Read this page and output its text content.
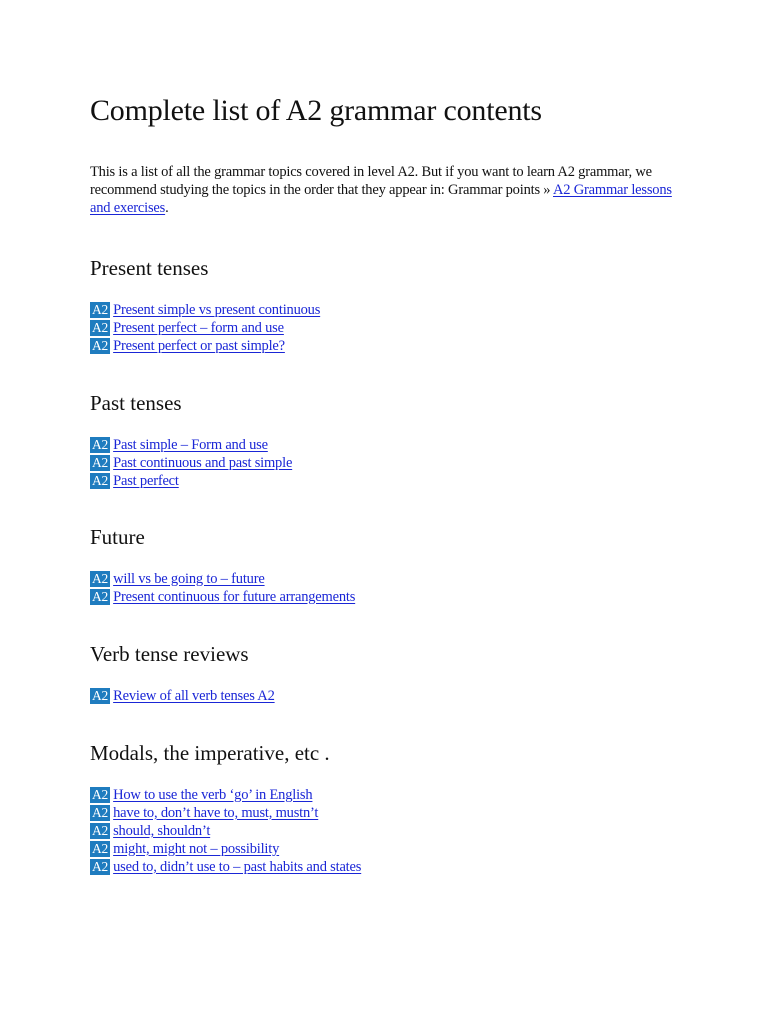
Complete list of A2 grammar contents

This is a list of all the grammar topics covered in level A2. But if you want to learn A2 grammar, we recommend studying the topics in the order that they appear in: Grammar points » A2 Grammar lessons and exercises.

Present tenses
A2 Present simple vs present continuous
A2 Present perfect – form and use
A2 Present perfect or past simple?
Past tenses
A2 Past simple – Form and use
A2 Past continuous and past simple
A2 Past perfect
Future
A2 will vs be going to – future
A2 Present continuous for future arrangements
Verb tense reviews
A2 Review of all verb tenses A2
Modals, the imperative, etc .
A2 How to use the verb ‘go’ in English
A2 have to, don’t have to, must, mustn’t
A2 should, shouldn’t
A2 might, might not – possibility
A2 used to, didn’t use to – past habits and states
